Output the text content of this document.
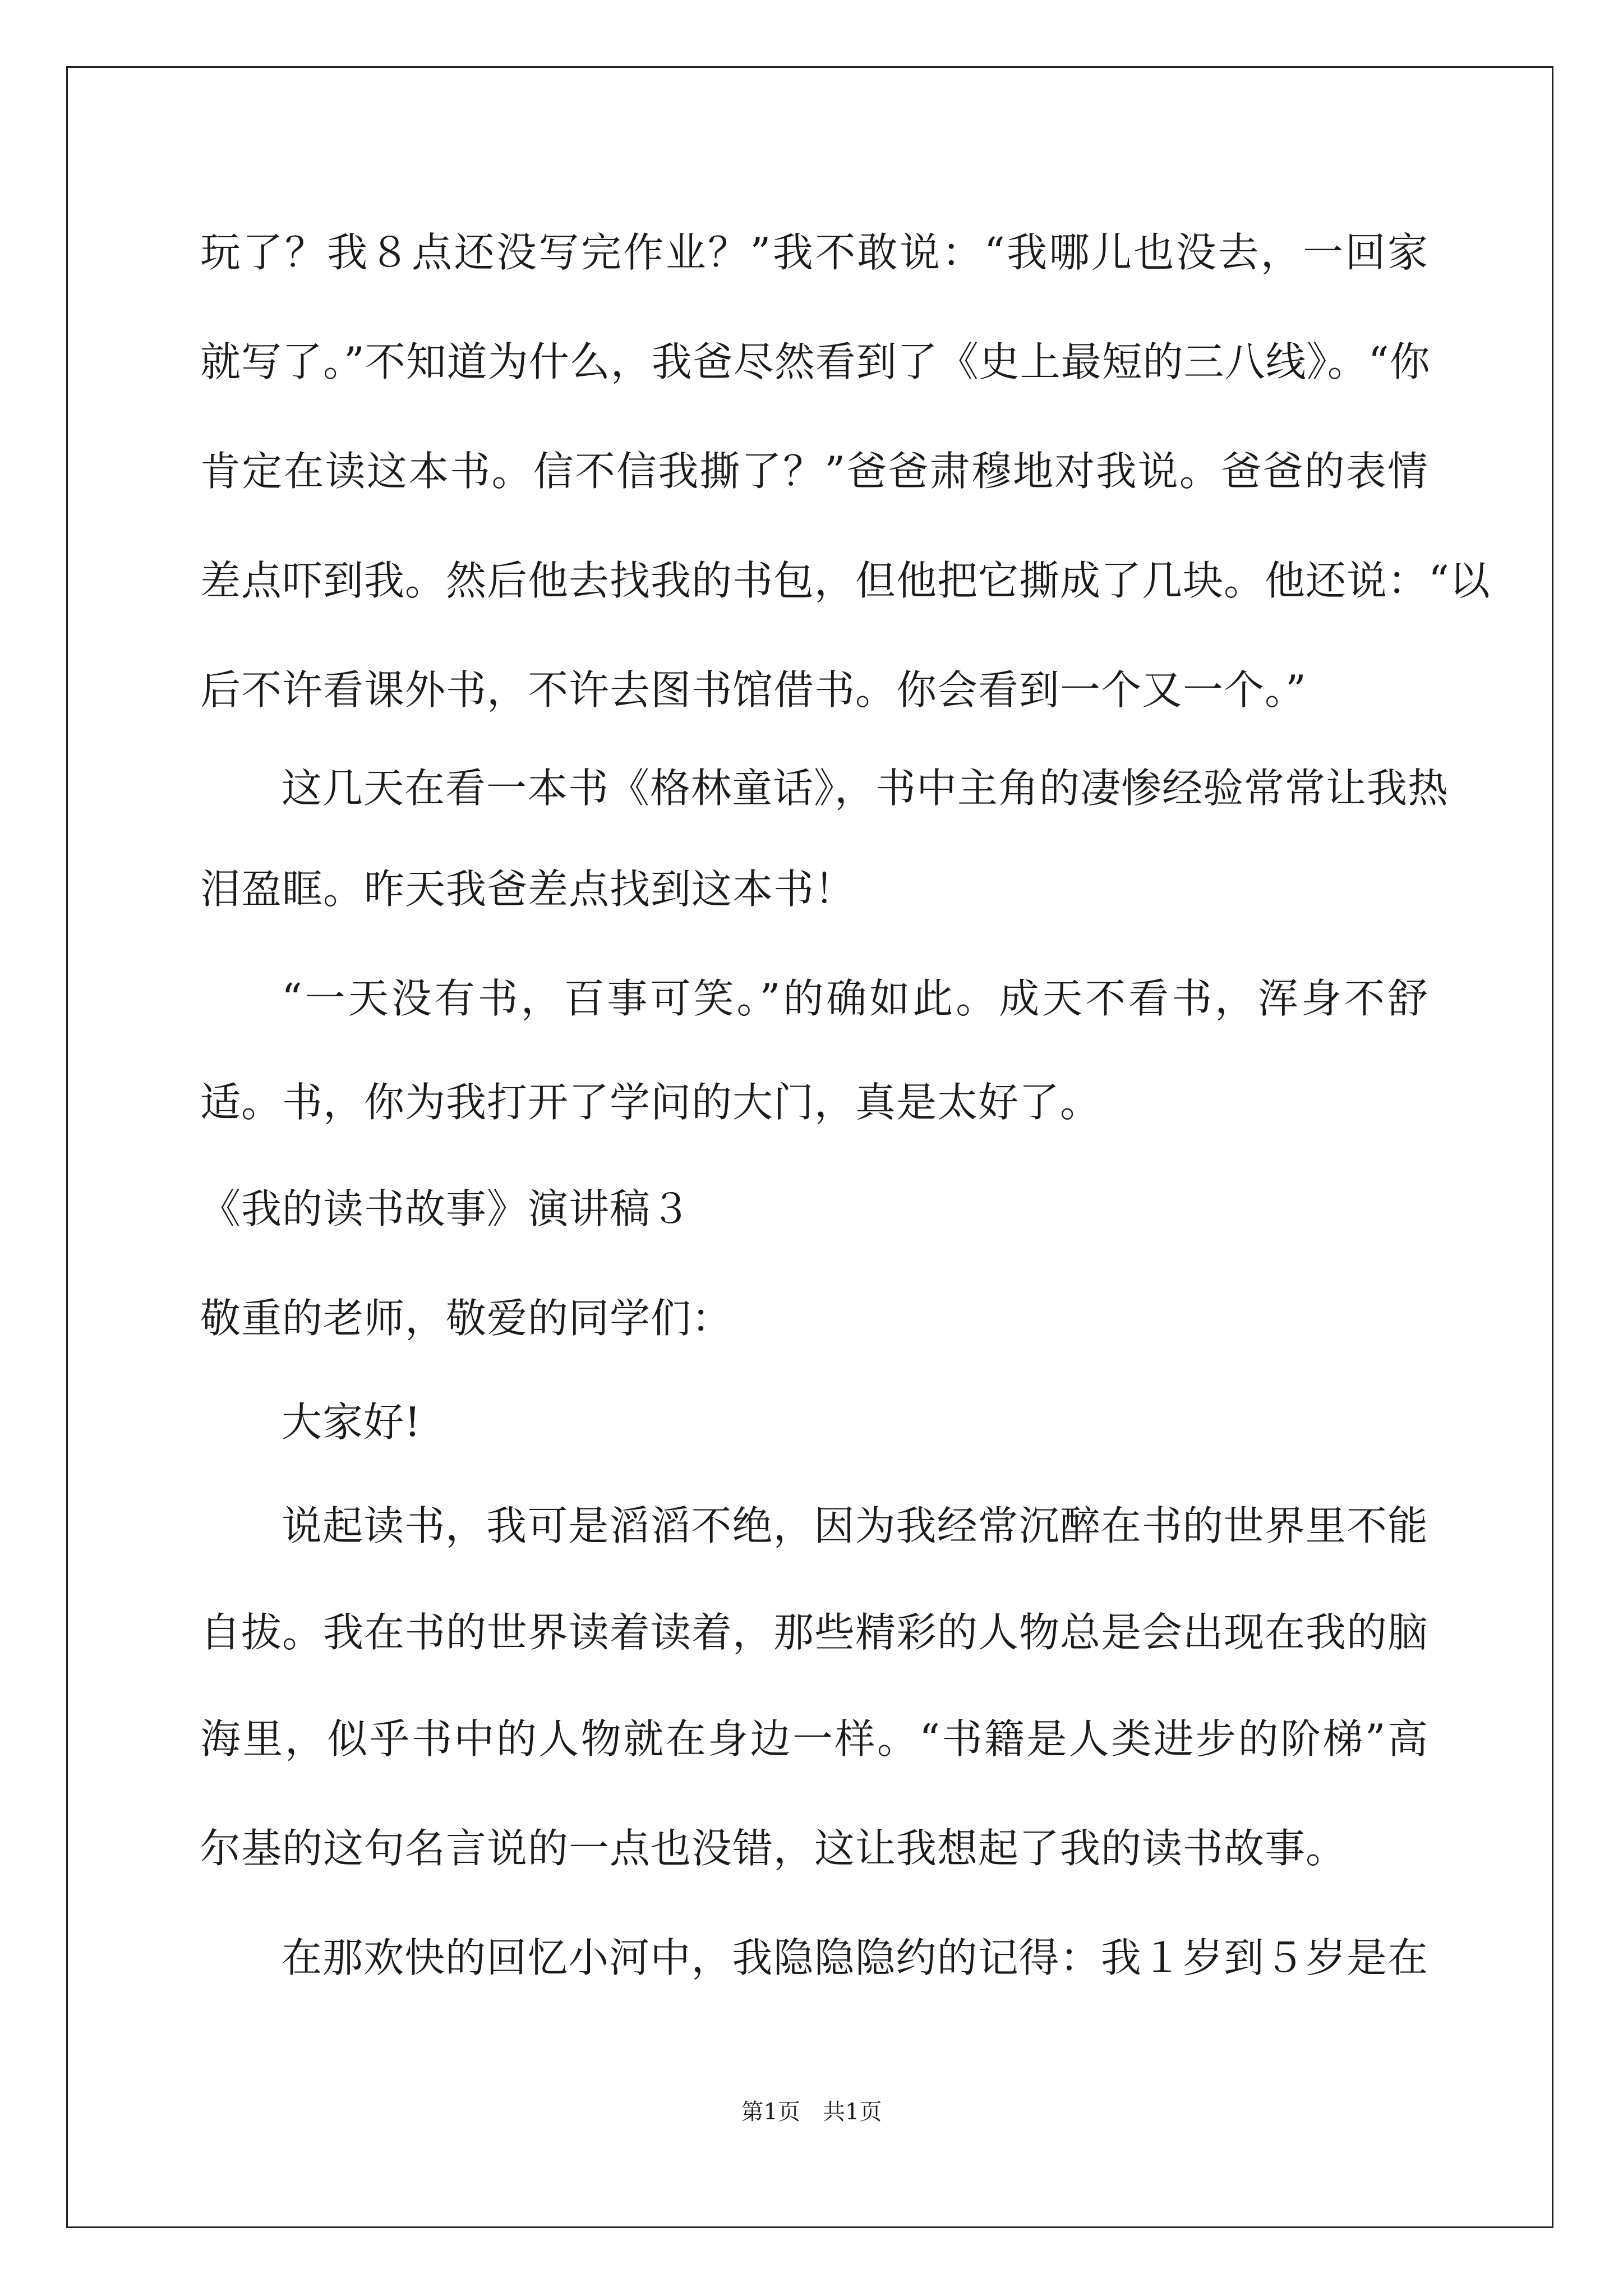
玩了？我８点还没写完作业？”我不敢说：“我哪儿也没去，一回家
就写了。”不知道为什么，我爸尽然看到了《史上最短的三八线》。“你
肯定在读这本书。信不信我撕了？”爸爸肃穆地对我说。爸爸的表情
差点吓到我。然后他去找我的书包，但他把它撕成了几块。他还说：“以
后不许看课外书，不许去图书馆借书。你会看到一个又一个。”
这几天在看一本书《格林童话》，书中主角的凄惨经验常常让我热
泪盈眶。昨天我爸差点找到这本书！
“一天没有书，百事可笑。”的确如此。成天不看书，浑身不舒
适。书，你为我打开了学问的大门，真是太好了。
《我的读书故事》演讲稿３
敬重的老师，敬爱的同学们：
大家好!
说起读书，我可是滔滔不绝，因为我经常沉醉在书的世界里不能
自拔。我在书的世界读着读着，那些精彩的人物总是会出现在我的脑
海里，似乎书中的人物就在身边一样。“书籍是人类进步的阶梯”高
尔基的这句名言说的一点也没错，这让我想起了我的读书故事。
在那欢快的回忆小河中，我隐隐隐约的记得：我１岁到５岁是在
第1页　共1页
